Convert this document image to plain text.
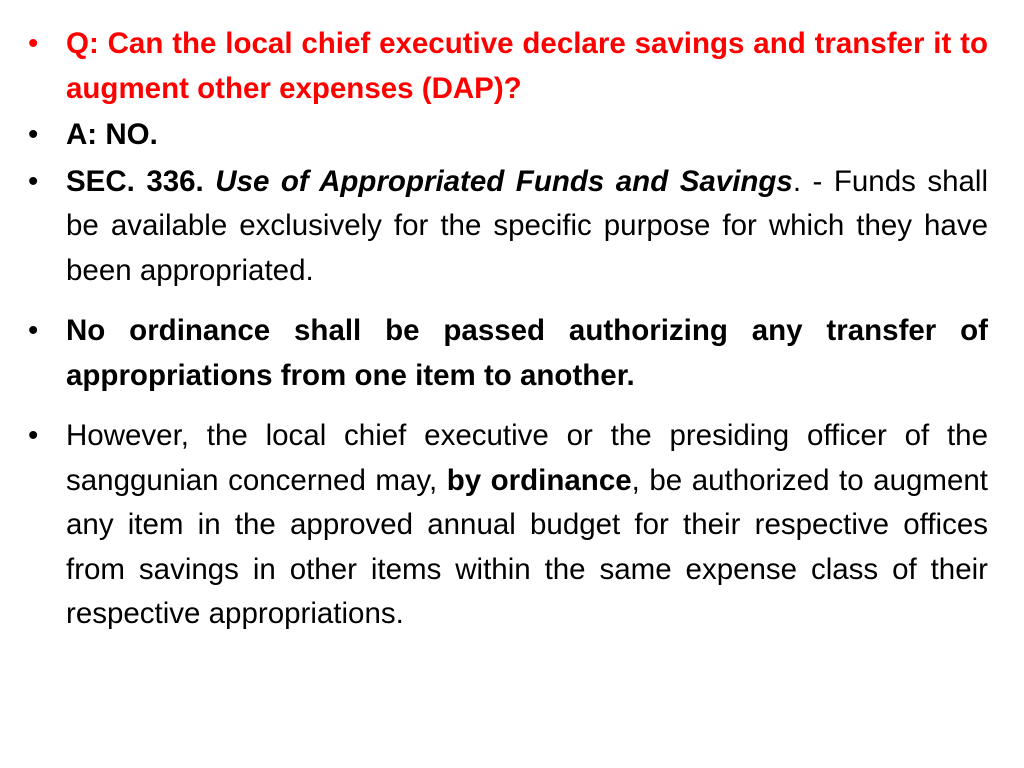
• Q: Can the local chief executive declare savings and transfer it to augment other expenses (DAP)?
• A: NO.
• SEC. 336. Use of Appropriated Funds and Savings. - Funds shall be available exclusively for the specific purpose for which they have been appropriated.
• No ordinance shall be passed authorizing any transfer of appropriations from one item to another.
• However, the local chief executive or the presiding officer of the sanggunian concerned may, by ordinance, be authorized to augment any item in the approved annual budget for their respective offices from savings in other items within the same expense class of their respective appropriations.
